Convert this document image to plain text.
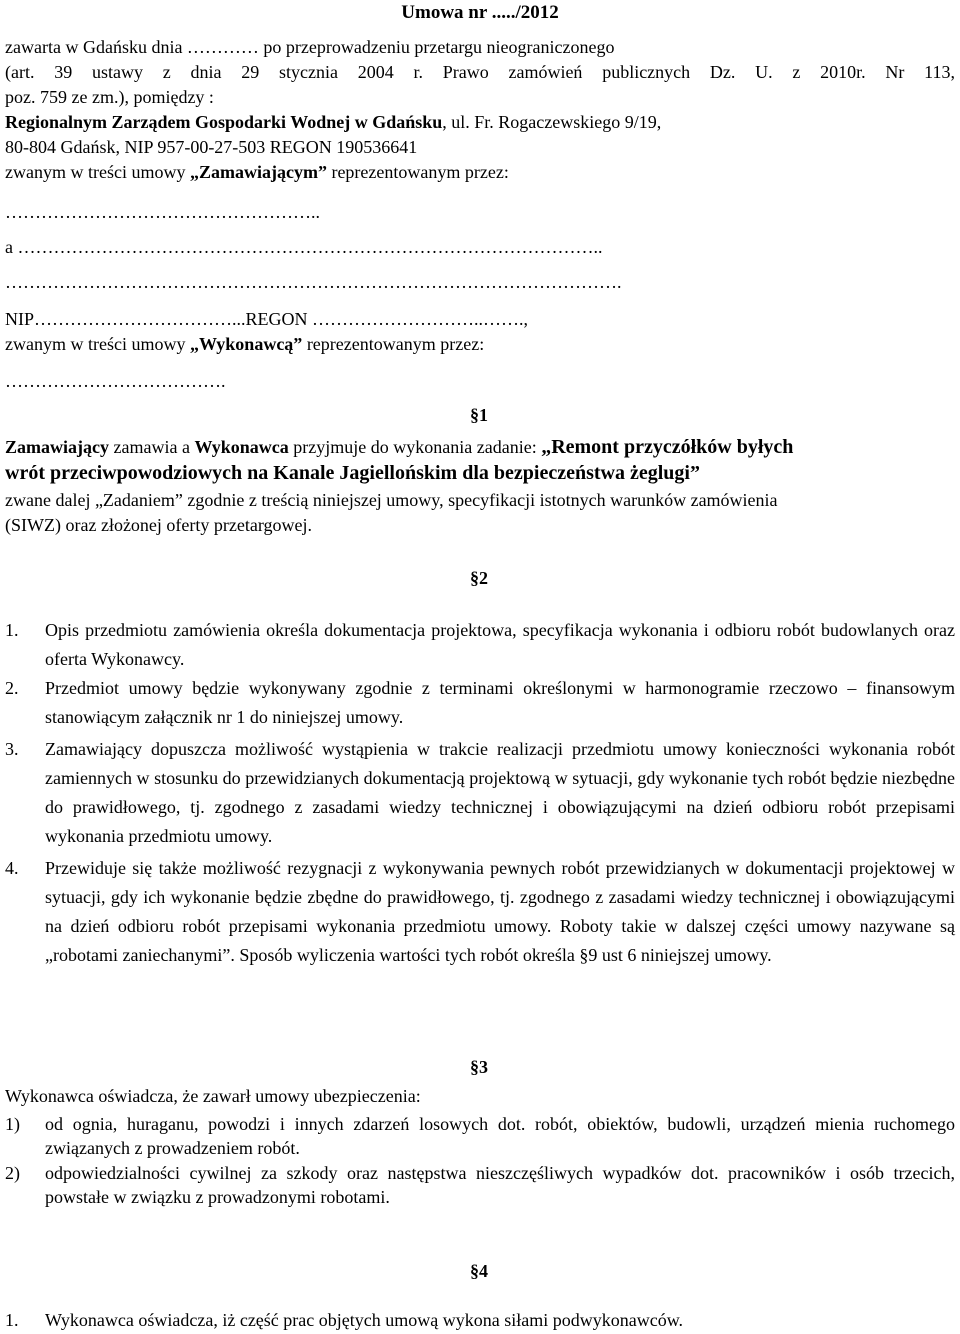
Umowa nr ...../2012
zawarta w Gdańsku dnia ………… po przeprowadzeniu przetargu nieograniczonego
(art. 39 ustawy z dnia 29 stycznia 2004 r. Prawo zamówień publicznych Dz. U. z 2010r. Nr 113,
poz. 759 ze zm.), pomiędzy :
Regionalnym Zarządem Gospodarki Wodnej w Gdańsku, ul. Fr. Rogaczewskiego 9/19,
80-804 Gdańsk, NIP 957-00-27-503 REGON 190536641
zwanym w treści umowy „Zamawiającym” reprezentowanym przez:
……………………………………………..
a ……………………………………………………………………………………..
………………………………………………………………………………………….
NIP……………………………...REGON ………………………..…….,
zwanym w treści umowy „Wykonawcą” reprezentowanym przez:
……………………………….
§1
Zamawiający zamawia a Wykonawca przyjmuje do wykonania zadanie: „Remont przyczółków byłych
wrót przeciwpowodziowych na Kanale Jagiellońskim dla bezpieczeństwa żeglugi”
zwane dalej „Zadaniem” zgodnie z treścią niniejszej umowy, specyfikacji istotnych warunków zamówienia
(SIWZ) oraz złożonej oferty przetargowej.
§2
1.	Opis przedmiotu zamówienia określa dokumentacja projektowa, specyfikacja wykonania i odbioru robót budowlanych oraz oferta Wykonawcy.
2.	Przedmiot umowy będzie wykonywany zgodnie z terminami określonymi w harmonogramie rzeczowo – finansowym stanowiącym załącznik nr 1 do niniejszej umowy.
3.	Zamawiający dopuszcza możliwość wystąpienia w trakcie realizacji przedmiotu umowy konieczności wykonania robót zamiennych w stosunku do przewidzianych dokumentacją projektową w sytuacji, gdy wykonanie tych robót będzie niezbędne do prawidłowego, tj. zgodnego z zasadami wiedzy technicznej i obowiązującymi na dzień odbioru robót przepisami wykonania przedmiotu umowy.
4.	Przewiduje się także możliwość rezygnacji z wykonywania pewnych robót przewidzianych w dokumentacji projektowej w sytuacji, gdy ich wykonanie będzie zbędne do prawidłowego, tj. zgodnego z zasadami wiedzy technicznej i obowiązującymi na dzień odbioru robót przepisami wykonania przedmiotu umowy. Roboty takie w dalszej części umowy nazywane są „robotami zaniechanymi”. Sposób wyliczenia wartości tych robót określa §9 ust 6 niniejszej umowy.
§3
Wykonawca oświadcza, że zawarł umowy ubezpieczenia:
1)	od ognia, huraganu, powodzi i innych zdarzeń losowych dot. robót, obiektów, budowli, urządzeń mienia ruchomego związanych z prowadzeniem robót.
2)	odpowiedzialności cywilnej za szkody oraz następstwa nieszczęśliwych wypadków dot. pracowników i osób trzecich, powstałe w związku z prowadzonymi robotami.
§4
1.	Wykonawca oświadcza, iż część prac objętych umową wykona siłami podwykonawców.
